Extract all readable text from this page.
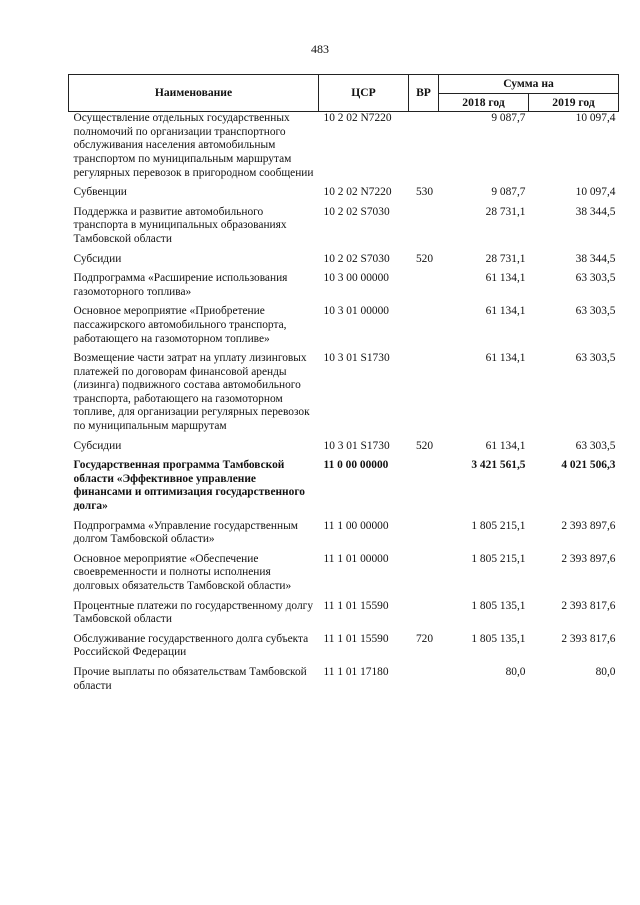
483
Наименование	ЦСР	ВР	Сумма на	
			2018 год	2019 год
Осуществление отдельных государственных полномочий по организации транспортного обслуживания населения автомобильным транспортом по муниципальным маршрутам регулярных перевозок в пригородном сообщении	10 2 02 N7220		9 087,7	10 097,4
Субвенции	10 2 02 N7220	530	9 087,7	10 097,4
Поддержка и развитие автомобильного транспорта в муниципальных образованиях Тамбовской области	10 2 02 S7030		28 731,1	38 344,5
Субсидии	10 2 02 S7030	520	28 731,1	38 344,5
Подпрограмма «Расширение использования газомоторного топлива»	10 3 00 00000		61 134,1	63 303,5
Основное мероприятие «Приобретение пассажирского автомобильного транспорта, работающего на газомоторном топливе»	10 3 01 00000		61 134,1	63 303,5
Возмещение части затрат на уплату лизинговых платежей по договорам финансовой аренды (лизинга) подвижного состава автомобильного транспорта, работающего на газомоторном топливе, для организации регулярных перевозок по муниципальным маршрутам	10 3 01 S1730		61 134,1	63 303,5
Субсидии	10 3 01 S1730	520	61 134,1	63 303,5
Государственная программа Тамбовской области «Эффективное управление финансами и оптимизация государственного долга»	11 0 00 00000		3 421 561,5	4 021 506,3
Подпрограмма «Управление государственным долгом Тамбовской области»	11 1 00 00000		1 805 215,1	2 393 897,6
Основное мероприятие «Обеспечение своевременности и полноты исполнения долговых обязательств Тамбовской области»	11 1 01 00000		1 805 215,1	2 393 897,6
Процентные платежи по государственному долгу Тамбовской области	11 1 01 15590		1 805 135,1	2 393 817,6
Обслуживание государственного долга субъекта Российской Федерации	11 1 01 15590	720	1 805 135,1	2 393 817,6
Прочие выплаты по обязательствам Тамбовской области	11 1 01 17180		80,0	80,0
